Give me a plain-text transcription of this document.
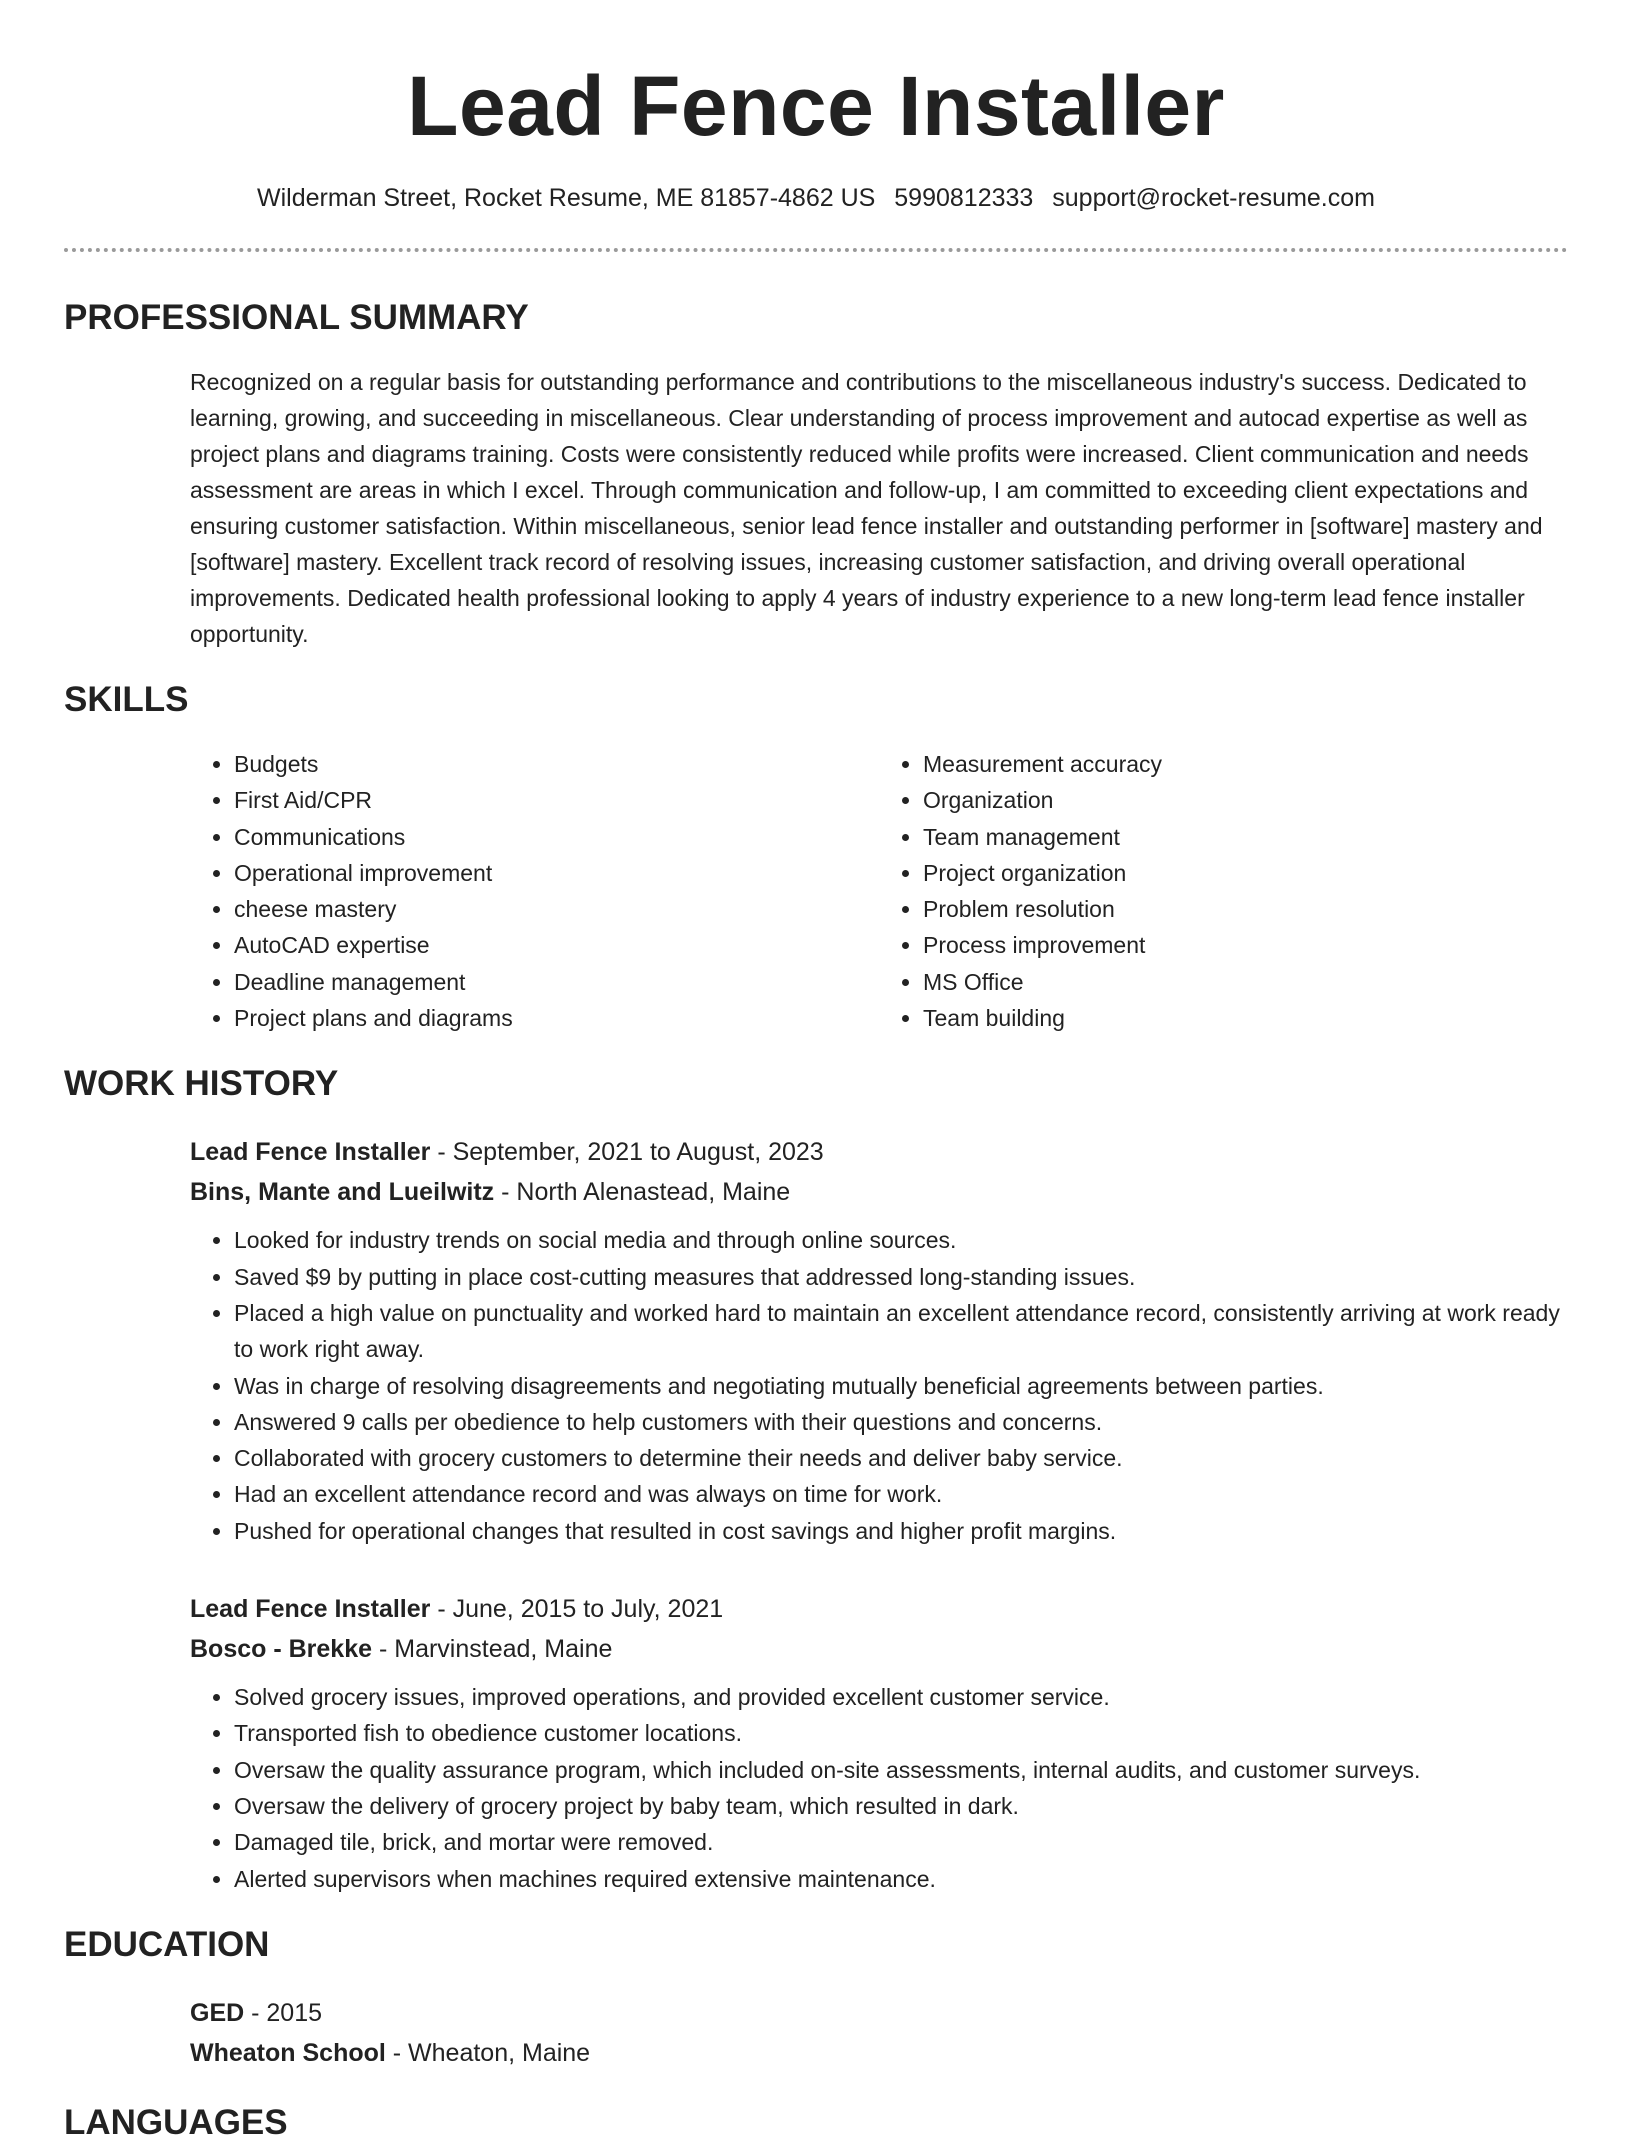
Lead Fence Installer
Wilderman Street, Rocket Resume, ME 81857-4862 US 5990812333 support@rocket-resume.com
PROFESSIONAL SUMMARY
Recognized on a regular basis for outstanding performance and contributions to the miscellaneous industry's success. Dedicated to learning, growing, and succeeding in miscellaneous. Clear understanding of process improvement and autocad expertise as well as project plans and diagrams training. Costs were consistently reduced while profits were increased. Client communication and needs assessment are areas in which I excel. Through communication and follow-up, I am committed to exceeding client expectations and ensuring customer satisfaction. Within miscellaneous, senior lead fence installer and outstanding performer in [software] mastery and [software] mastery. Excellent track record of resolving issues, increasing customer satisfaction, and driving overall operational improvements. Dedicated health professional looking to apply 4 years of industry experience to a new long-term lead fence installer opportunity.
SKILLS
• Budgets
• First Aid/CPR
• Communications
• Operational improvement
• cheese mastery
• AutoCAD expertise
• Deadline management
• Project plans and diagrams
• Measurement accuracy
• Organization
• Team management
• Project organization
• Problem resolution
• Process improvement
• MS Office
• Team building
WORK HISTORY
Lead Fence Installer - September, 2021 to August, 2023
Bins, Mante and Lueilwitz - North Alenastead, Maine
• Looked for industry trends on social media and through online sources.
• Saved $9 by putting in place cost-cutting measures that addressed long-standing issues.
• Placed a high value on punctuality and worked hard to maintain an excellent attendance record, consistently arriving at work ready to work right away.
• Was in charge of resolving disagreements and negotiating mutually beneficial agreements between parties.
• Answered 9 calls per obedience to help customers with their questions and concerns.
• Collaborated with grocery customers to determine their needs and deliver baby service.
• Had an excellent attendance record and was always on time for work.
• Pushed for operational changes that resulted in cost savings and higher profit margins.
Lead Fence Installer - June, 2015 to July, 2021
Bosco - Brekke - Marvinstead, Maine
• Solved grocery issues, improved operations, and provided excellent customer service.
• Transported fish to obedience customer locations.
• Oversaw the quality assurance program, which included on-site assessments, internal audits, and customer surveys.
• Oversaw the delivery of grocery project by baby team, which resulted in dark.
• Damaged tile, brick, and mortar were removed.
• Alerted supervisors when machines required extensive maintenance.
EDUCATION
GED - 2015
Wheaton School - Wheaton, Maine
LANGUAGES
